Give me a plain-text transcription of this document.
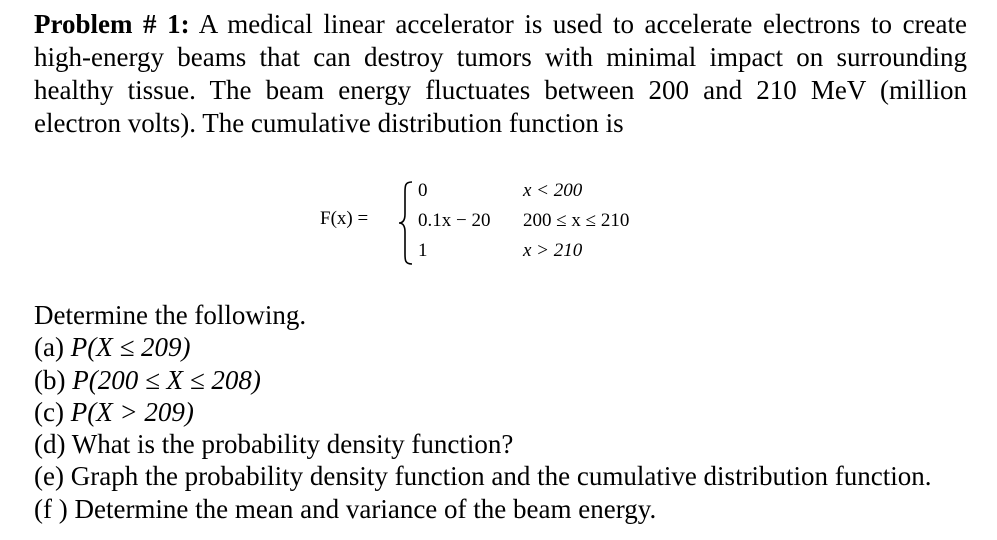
Problem # 1: A medical linear accelerator is used to accelerate electrons to create high-energy beams that can destroy tumors with minimal impact on surrounding healthy tissue. The beam energy fluctuates between 200 and 210 MeV (million electron volts). The cumulative distribution function is

F(x) =
0	x < 200
0.1x − 20 200 ≤ x ≤ 210
1	x > 210
Determine the following.
(a) P(X ≤ 209)
(b) P(200 ≤ X ≤ 208)
(c) P(X > 209)
(d) What is the probability density function?
(e) Graph the probability density function and the cumulative distribution function.
(f ) Determine the mean and variance of the beam energy.
